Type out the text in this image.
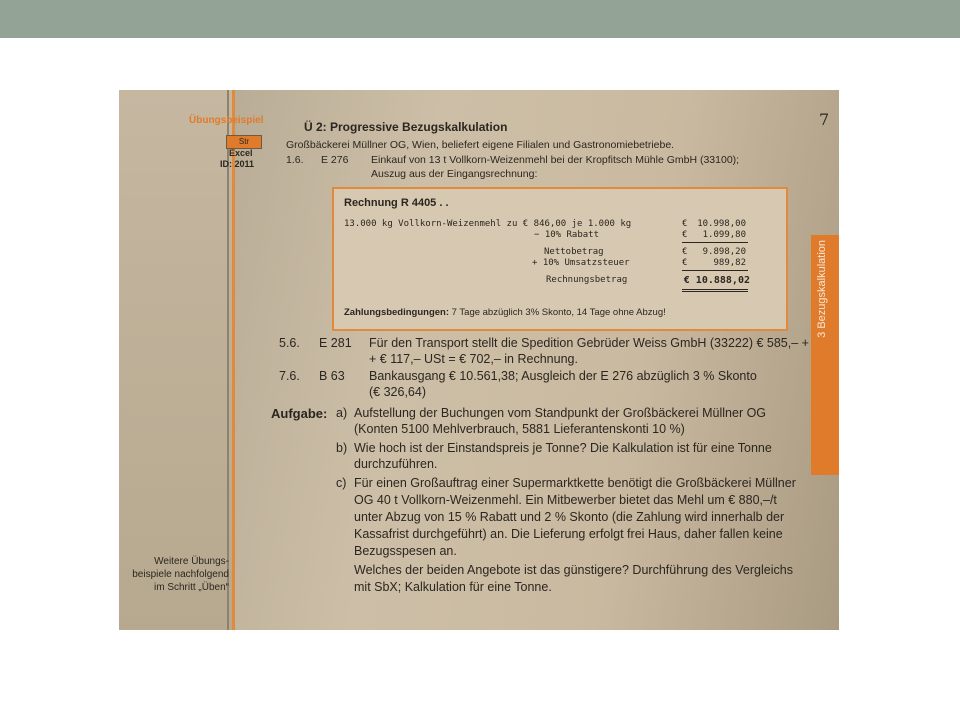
3 Bezugskalkulation
7
Übungsbeispiel
Str
Excel
ID: 2011
Ü 2: Progressive Bezugskalkulation
Großbäckerei Müllner OG, Wien, beliefert eigene Filialen und Gastronomiebetriebe.
1.6. E 276 Einkauf von 13 t Vollkorn-Weizenmehl bei der Kropfitsch Mühle GmbH (33100);
Auszug aus der Eingangsrechnung:
Rechnung R 4405 . .
13.000 kg Vollkorn-Weizenmehl zu € 846,00 je 1.000 kg
− 10% Rabatt
Nettobetrag
+ 10% Umsatzsteuer
Rechnungsbetrag
€
€
€
€
10.998,00
1.099,80
9.898,20
989,82
€ 10.888,02
Zahlungsbedingungen: 7 Tage abzüglich 3% Skonto, 14 Tage ohne Abzug!
5.6. E 281 Für den Transport stellt die Spedition Gebrüder Weiss GmbH (33222) € 585,– +
+ € 117,– USt = € 702,– in Rechnung.
7.6. B 63 Bankausgang € 10.561,38; Ausgleich der E 276 abzüglich 3 % Skonto
(€ 326,64)
Aufgabe: a) Aufstellung der Buchungen vom Standpunkt der Großbäckerei Müllner OG
(Konten 5100 Mehlverbrauch, 5881 Lieferantenskonti 10 %)
b) Wie hoch ist der Einstandspreis je Tonne? Die Kalkulation ist für eine Tonne
durchzuführen.
c) Für einen Großauftrag einer Supermarktkette benötigt die Großbäckerei Müllner
OG 40 t Vollkorn-Weizenmehl. Ein Mitbewerber bietet das Mehl um € 880,–/t
unter Abzug von 15 % Rabatt und 2 % Skonto (die Zahlung wird innerhalb der
Kassafrist durchgeführt) an. Die Lieferung erfolgt frei Haus, daher fallen keine
Bezugsspesen an.
Welches der beiden Angebote ist das günstigere? Durchführung des Vergleichs
mit SbX; Kalkulation für eine Tonne.
Weitere Übungs-
beispiele nachfolgend
im Schritt „Üben“
